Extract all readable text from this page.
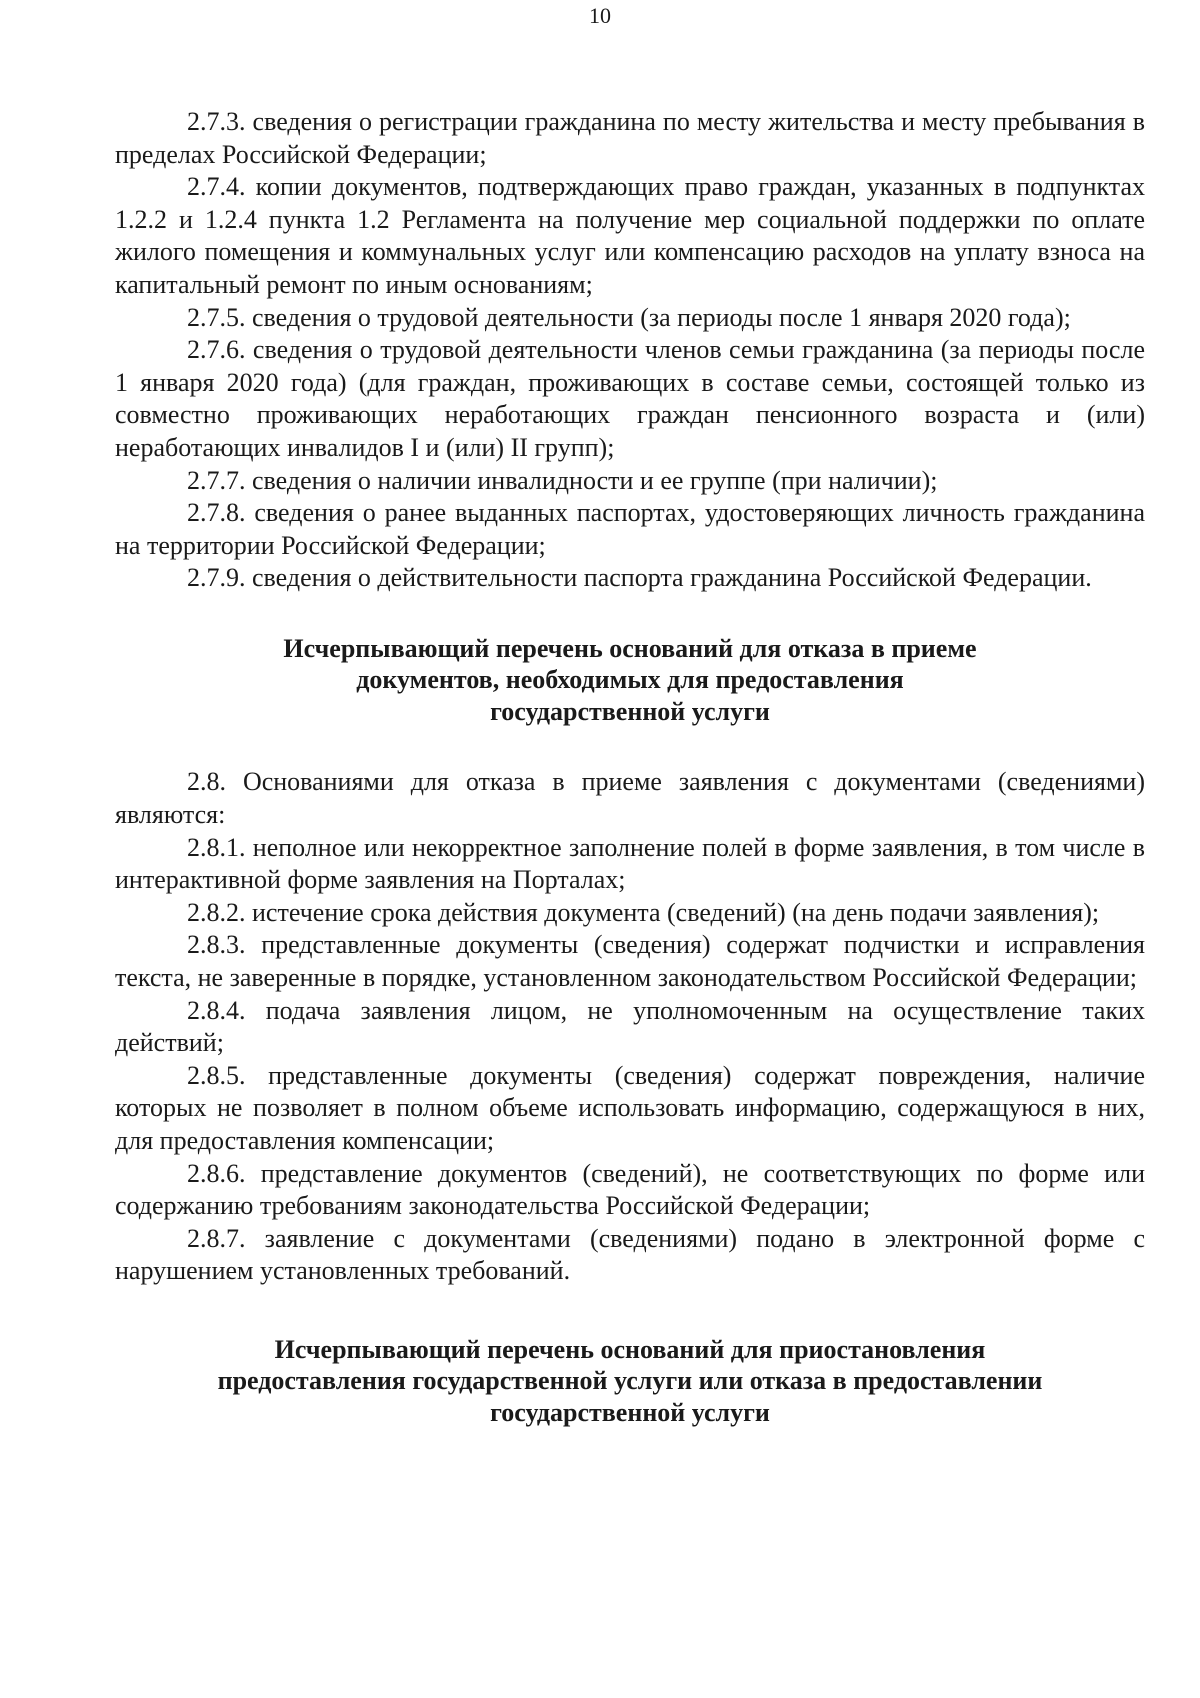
10

2.7.3. сведения о регистрации гражданина по месту жительства и месту пребывания в пределах Российской Федерации;

2.7.4. копии документов, подтверждающих право граждан, указанных в подпунктах 1.2.2 и 1.2.4 пункта 1.2 Регламента на получение мер социальной поддержки по оплате жилого помещения и коммунальных услуг или компенсацию расходов на уплату взноса на капитальный ремонт по иным основаниям;

2.7.5. сведения о трудовой деятельности (за периоды после 1 января 2020 года);

2.7.6. сведения о трудовой деятельности членов семьи гражданина (за периоды после 1 января 2020 года) (для граждан, проживающих в составе семьи, состоящей только из совместно проживающих неработающих граждан пенсионного возраста и (или) неработающих инвалидов I и (или) II групп);

2.7.7. сведения о наличии инвалидности и ее группе (при наличии);

2.7.8. сведения о ранее выданных паспортах, удостоверяющих личность гражданина на территории Российской Федерации;

2.7.9. сведения о действительности паспорта гражданина Российской Федерации.

Исчерпывающий перечень оснований для отказа в приеме
документов, необходимых для предоставления
государственной услуги

2.8. Основаниями для отказа в приеме заявления с документами (сведениями) являются:

2.8.1. неполное или некорректное заполнение полей в форме заявления, в том числе в интерактивной форме заявления на Порталах;

2.8.2. истечение срока действия документа (сведений) (на день подачи заявления);

2.8.3. представленные документы (сведения) содержат подчистки и исправления текста, не заверенные в порядке, установленном законодательством Российской Федерации;

2.8.4. подача заявления лицом, не уполномоченным на осуществление таких действий;

2.8.5. представленные документы (сведения) содержат повреждения, наличие которых не позволяет в полном объеме использовать информацию, содержащуюся в них, для предоставления компенсации;

2.8.6. представление документов (сведений), не соответствующих по форме или содержанию требованиям законодательства Российской Федерации;

2.8.7. заявление с документами (сведениями) подано в электронной форме с нарушением установленных требований.

Исчерпывающий перечень оснований для приостановления
предоставления государственной услуги или отказа в предоставлении
государственной услуги
